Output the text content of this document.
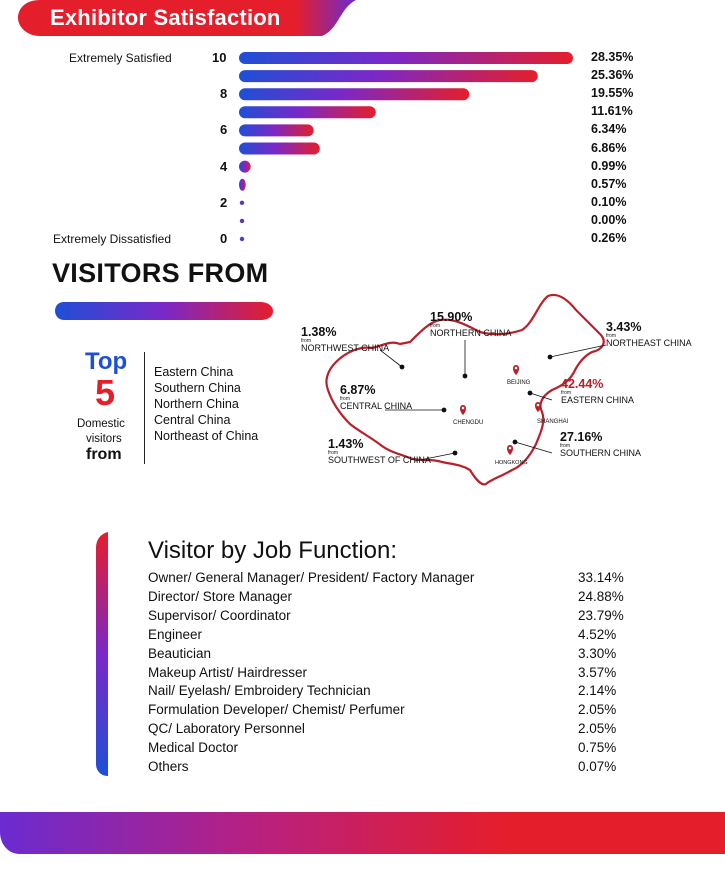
Exhibitor Satisfaction
28.35%
10
25.36%
19.55%
8
11.61%
6.34%
6
6.86%
0.99%
4
0.57%
0.10%
2
0.00%
0.26%
0
Extremely Satisfied
Extremely Dissatisfied
VISITORS FROM
Top
5
Domestic
visitors
from
Eastern China
Southern China
Northern China
Central China
Northeast of China
15.90%
from
NORTHERN CHINA	3.43%
from
NORTHEAST CHINA
1.38%
from
NORTHWEST CHINA
42.44%
from
EASTERN CHINA
6.87%
from
CENTRAL CHINA
27.16%
from
SOUTHERN CHINA
1.43%
from
SOUTHWEST OF CHINA
BEIJING
SHANGHAI
CHENGDU
HONGKONG
Visitor by Job Function:
Owner/ General Manager/ President/ Factory Manager	33.14%
Director/ Store Manager	24.88%
Supervisor/ Coordinator	23.79%
Engineer	4.52%
Beautician	3.30%
Makeup Artist/ Hairdresser	3.57%
Nail/ Eyelash/ Embroidery Technician	2.14%
Formulation Developer/ Chemist/ Perfumer	2.05%
QC/ Laboratory Personnel	2.05%
Medical Doctor	0.75%
Others	0.07%
